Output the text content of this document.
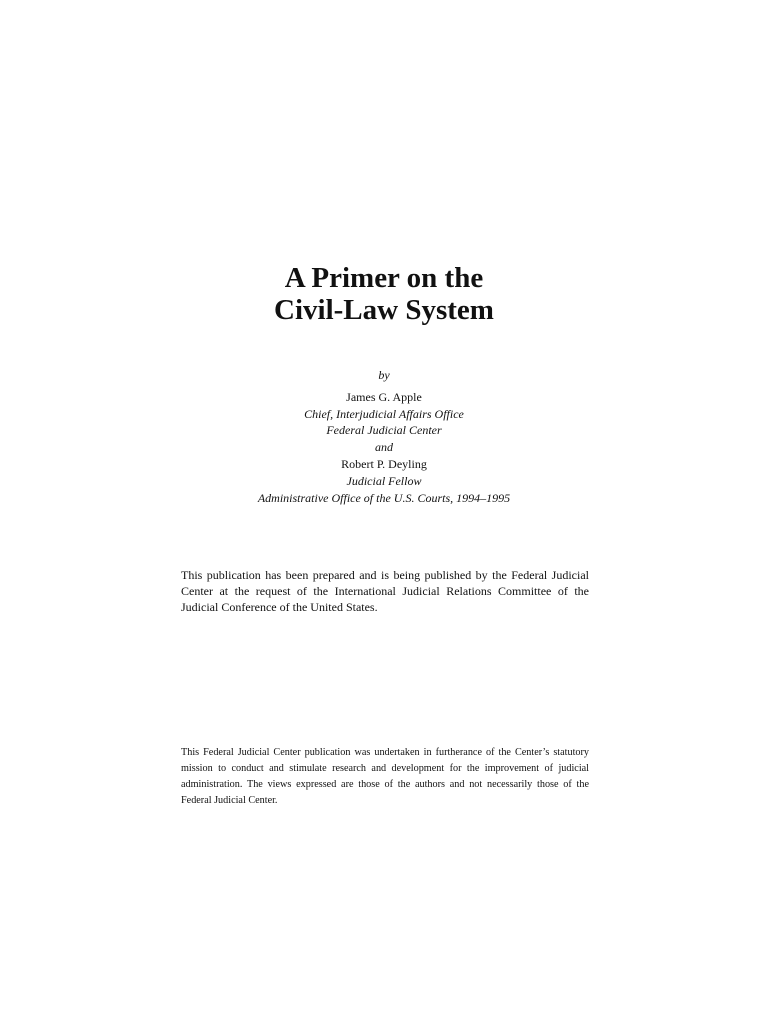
A Primer on the
Civil-Law System
by
James G. Apple
Chief, Interjudicial Affairs Office
Federal Judicial Center
and
Robert P. Deyling
Judicial Fellow
Administrative Office of the U.S. Courts, 1994–1995

This publication has been prepared and is being published by the Federal Judicial Center at the request of the International Judicial Relations Committee of the Judicial Conference of the United States.

This Federal Judicial Center publication was undertaken in furtherance of the Center’s statutory mission to conduct and stimulate research and development for the improvement of judicial administration. The views expressed are those of the authors and not necessarily those of the Federal Judicial Center.
